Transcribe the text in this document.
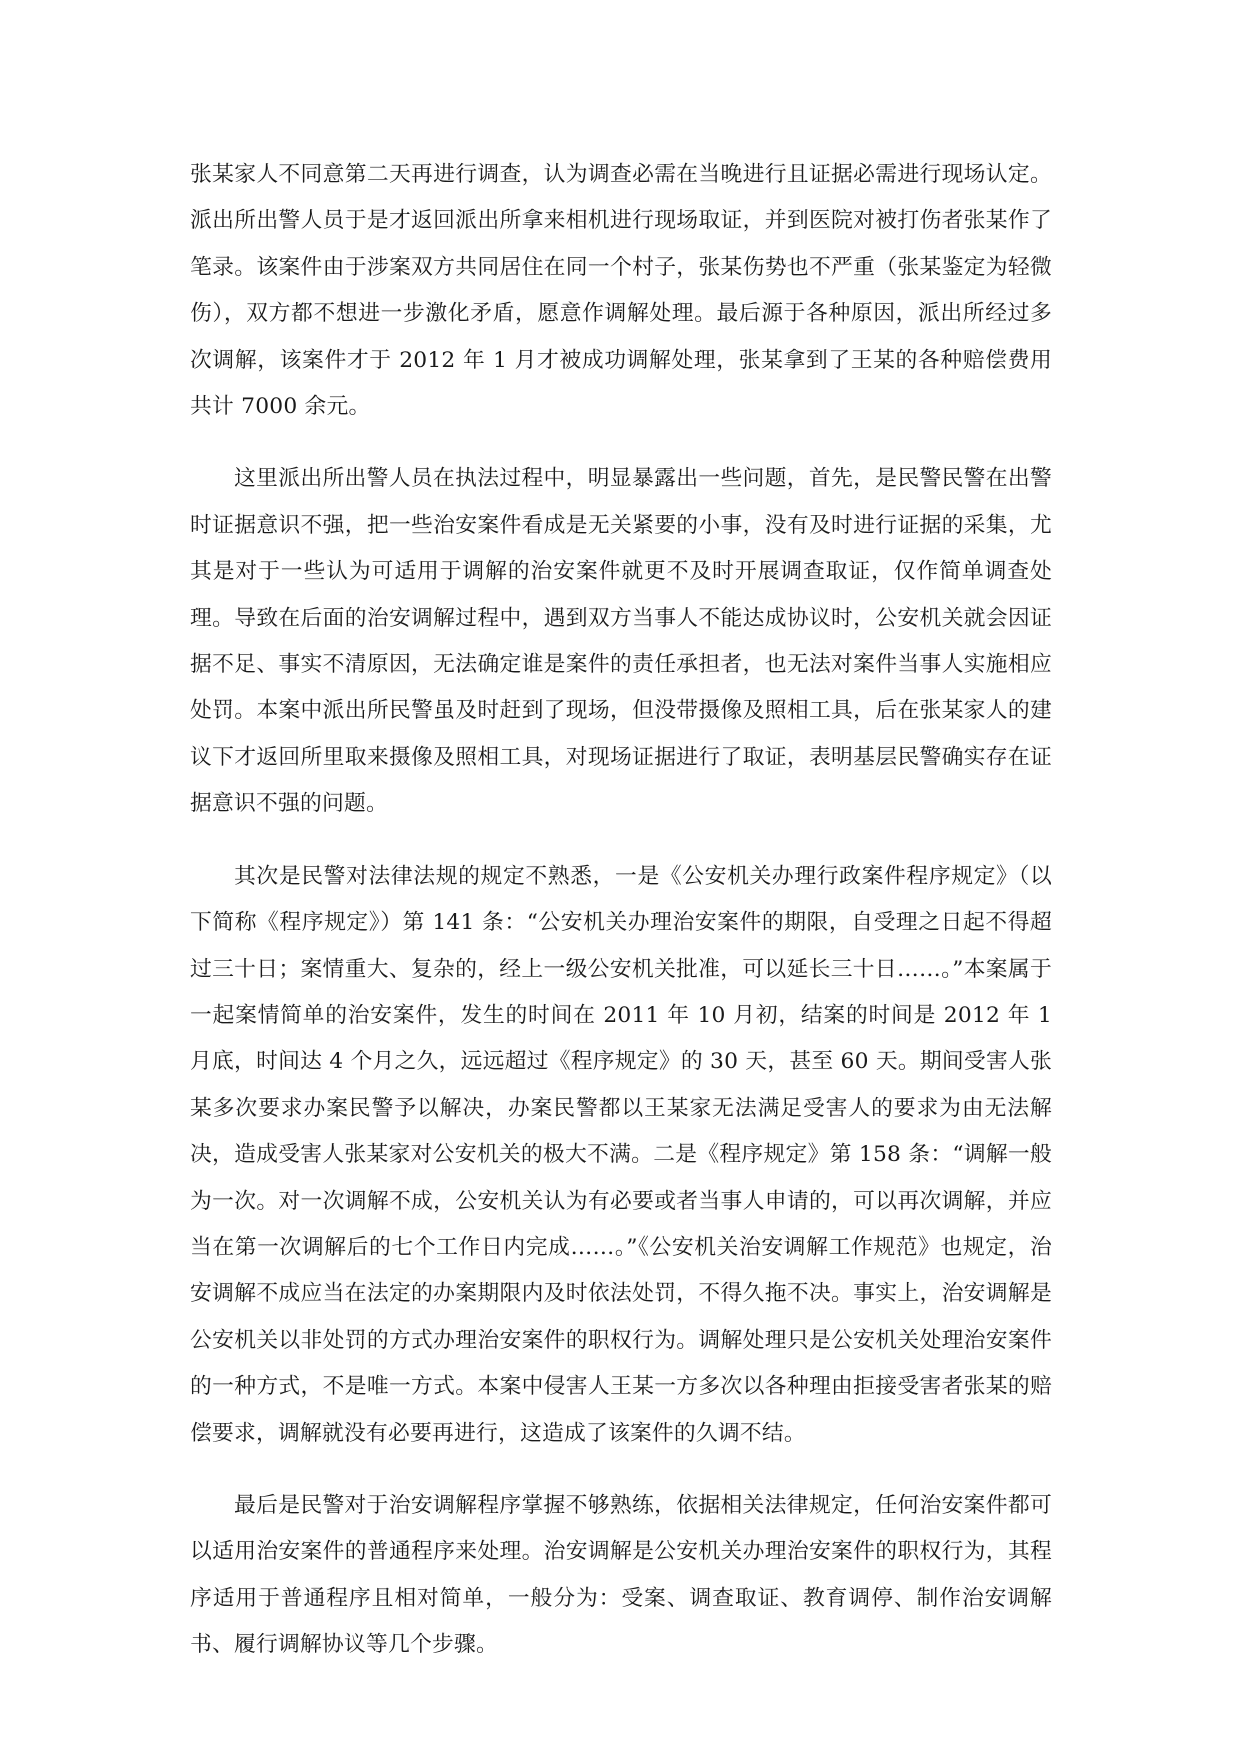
张某家人不同意第二天再进行调查，认为调查必需在当晚进行且证据必需进行现场认定。派出所出警人员于是才返回派出所拿来相机进行现场取证，并到医院对被打伤者张某作了笔录。该案件由于涉案双方共同居住在同一个村子，张某伤势也不严重（张某鉴定为轻微伤），双方都不想进一步激化矛盾，愿意作调解处理。最后源于各种原因，派出所经过多次调解，该案件才于 2012 年 1 月才被成功调解处理，张某拿到了王某的各种赔偿费用共计 7000 余元。

这里派出所出警人员在执法过程中，明显暴露出一些问题，首先，是民警民警在出警时证据意识不强，把一些治安案件看成是无关紧要的小事，没有及时进行证据的采集，尤其是对于一些认为可适用于调解的治安案件就更不及时开展调查取证，仅作简单调查处理。导致在后面的治安调解过程中，遇到双方当事人不能达成协议时，公安机关就会因证据不足、事实不清原因，无法确定谁是案件的责任承担者，也无法对案件当事人实施相应处罚。本案中派出所民警虽及时赶到了现场，但没带摄像及照相工具，后在张某家人的建议下才返回所里取来摄像及照相工具，对现场证据进行了取证，表明基层民警确实存在证据意识不强的问题。

其次是民警对法律法规的规定不熟悉，一是《公安机关办理行政案件程序规定》（以下简称《程序规定》）第 141 条：“公安机关办理治安案件的期限，自受理之日起不得超过三十日；案情重大、复杂的，经上一级公安机关批准，可以延长三十日……。”本案属于一起案情简单的治安案件，发生的时间在 2011 年 10 月初，结案的时间是 2012 年 1 月底，时间达 4 个月之久，远远超过《程序规定》的 30 天，甚至 60 天。期间受害人张某多次要求办案民警予以解决，办案民警都以王某家无法满足受害人的要求为由无法解决，造成受害人张某家对公安机关的极大不满。二是《程序规定》第 158 条：“调解一般为一次。对一次调解不成，公安机关认为有必要或者当事人申请的，可以再次调解，并应当在第一次调解后的七个工作日内完成……。”《公安机关治安调解工作规范》也规定，治安调解不成应当在法定的办案期限内及时依法处罚，不得久拖不决。事实上，治安调解是公安机关以非处罚的方式办理治安案件的职权行为。调解处理只是公安机关处理治安案件的一种方式，不是唯一方式。本案中侵害人王某一方多次以各种理由拒接受害者张某的赔偿要求，调解就没有必要再进行，这造成了该案件的久调不结。

最后是民警对于治安调解程序掌握不够熟练，依据相关法律规定，任何治安案件都可以适用治安案件的普通程序来处理。治安调解是公安机关办理治安案件的职权行为，其程序适用于普通程序且相对简单，一般分为：受案、调查取证、教育调停、制作治安调解书、履行调解协议等几个步骤。
